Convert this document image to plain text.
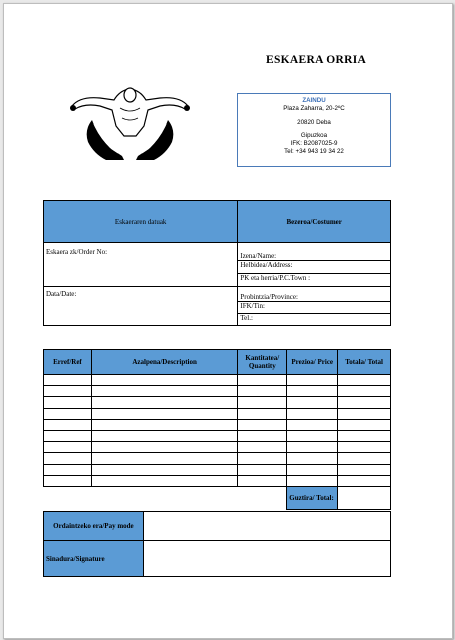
ESKAERA ORRIA
ZAINDU
Plaza Zaharra, 20-2ºC
20820 Deba
Gipuzkoa
IFK: B2087025-9
Tel: +34 943 19 34 22
Eskaeraren datuak	Bezeroa/Costumer
Eskaera zk/Order No:	Izena/Name:
	Helbidea/Address:
	PK eta herria/P.C.Town :
Data/Date:	Probintzia/Province:
	IFK/Tin:
	Tel.:
Erref/Ref	Azalpena/Description	Kantitatea/ Quantity	Prezioa/ Price	Totala/ Total

			Guztira/ Total:	
Ordaintzeko era/Pay mode	
Sinadura/Signature	
